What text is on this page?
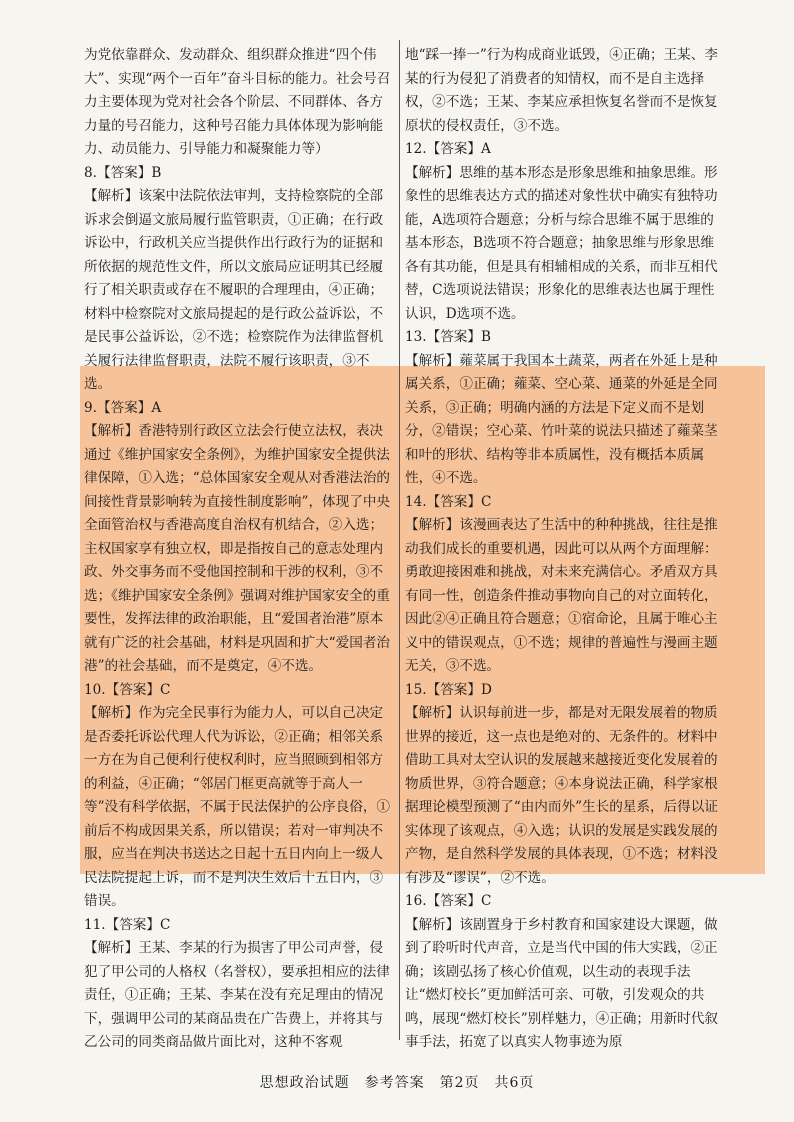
为党依靠群众、发动群众、组织群众推进“四个伟大”、实现“两个一百年”奋斗目标的能力。社会号召力主要体现为党对社会各个阶层、不同群体、各方力量的号召能力，这种号召能力具体体现为影响能力、动员能力、引导能力和凝聚能力等）

8.【答案】B

【解析】该案中法院依法审判，支持检察院的全部诉求会倒逼文旅局履行监管职责，①正确；在行政诉讼中，行政机关应当提供作出行政行为的证据和所依据的规范性文件，所以文旅局应证明其已经履行了相关职责或存在不履职的合理理由，④正确；材料中检察院对文旅局提起的是行政公益诉讼，不是民事公益诉讼，②不选；检察院作为法律监督机关履行法律监督职责，法院不履行该职责，③不选。

9.【答案】A

【解析】香港特别行政区立法会行使立法权，表决通过《维护国家安全条例》，为维护国家安全提供法律保障，①入选；“总体国家安全观从对香港法治的间接性背景影响转为直接性制度影响”，体现了中央全面管治权与香港高度自治权有机结合，②入选；主权国家享有独立权，即是指按自己的意志处理内政、外交事务而不受他国控制和干涉的权利，③不选；《维护国家安全条例》强调对维护国家安全的重要性，发挥法律的政治职能，且“爱国者治港”原本就有广泛的社会基础，材料是巩固和扩大“爱国者治港”的社会基础，而不是奠定，④不选。

10.【答案】C

【解析】作为完全民事行为能力人，可以自己决定是否委托诉讼代理人代为诉讼，②正确；相邻关系一方在为自己便利行使权利时，应当照顾到相邻方的利益，④正确；“邻居门框更高就等于高人一等”没有科学依据，不属于民法保护的公序良俗，①前后不构成因果关系，所以错误；若对一审判决不服，应当在判决书送达之日起十五日内向上一级人民法院提起上诉，而不是判决生效后十五日内，③错误。

11.【答案】C

【解析】王某、李某的行为损害了甲公司声誉，侵犯了甲公司的人格权（名誉权），要承担相应的法律责任，①正确；王某、李某在没有充足理由的情况下，强调甲公司的某商品贵在广告费上，并将其与乙公司的同类商品做片面比对，这种不客观

地“踩一捧一”行为构成商业诋毁，④正确；王某、李某的行为侵犯了消费者的知情权，而不是自主选择权，②不选；王某、李某应承担恢复名誉而不是恢复原状的侵权责任，③不选。

12.【答案】A

【解析】思维的基本形态是形象思维和抽象思维。形象性的思维表达方式的描述对象性状中确实有独特功能，A选项符合题意；分析与综合思维不属于思维的基本形态，B选项不符合题意；抽象思维与形象思维各有其功能，但是具有相辅相成的关系，而非互相代替，C选项说法错误；形象化的思维表达也属于理性认识，D选项不选。

13.【答案】B

【解析】蕹菜属于我国本土蔬菜，两者在外延上是种属关系，①正确；蕹菜、空心菜、通菜的外延是全同关系，③正确；明确内涵的方法是下定义而不是划分，②错误；空心菜、竹叶菜的说法只描述了蕹菜茎和叶的形状、结构等非本质属性，没有概括本质属性，④不选。

14.【答案】C

【解析】该漫画表达了生活中的种种挑战，往往是推动我们成长的重要机遇，因此可以从两个方面理解：勇敢迎接困难和挑战，对未来充满信心。矛盾双方具有同一性，创造条件推动事物向自己的对立面转化，因此②④正确且符合题意；①宿命论，且属于唯心主义中的错误观点，①不选；规律的普遍性与漫画主题无关，③不选。

15.【答案】D

【解析】认识每前进一步，都是对无限发展着的物质世界的接近，这一点也是绝对的、无条件的。材料中借助工具对太空认识的发展越来越接近变化发展着的物质世界，③符合题意；④本身说法正确，科学家根据理论模型预测了“由内而外”生长的星系，后得以证实体现了该观点，④入选；认识的发展是实践发展的产物，是自然科学发展的具体表现，①不选；材料没有涉及“谬误”，②不选。

16.【答案】C

【解析】该剧置身于乡村教育和国家建设大课题，做到了聆听时代声音，立是当代中国的伟大实践，②正确；该剧弘扬了核心价值观，以生动的表现手法让“燃灯校长”更加鲜活可亲、可敬，引发观众的共鸣，展现“燃灯校长”别样魅力，④正确；用新时代叙事手法，拓宽了以真实人物事迹为原

思想政治试题　参考答案　第2页　共6页
